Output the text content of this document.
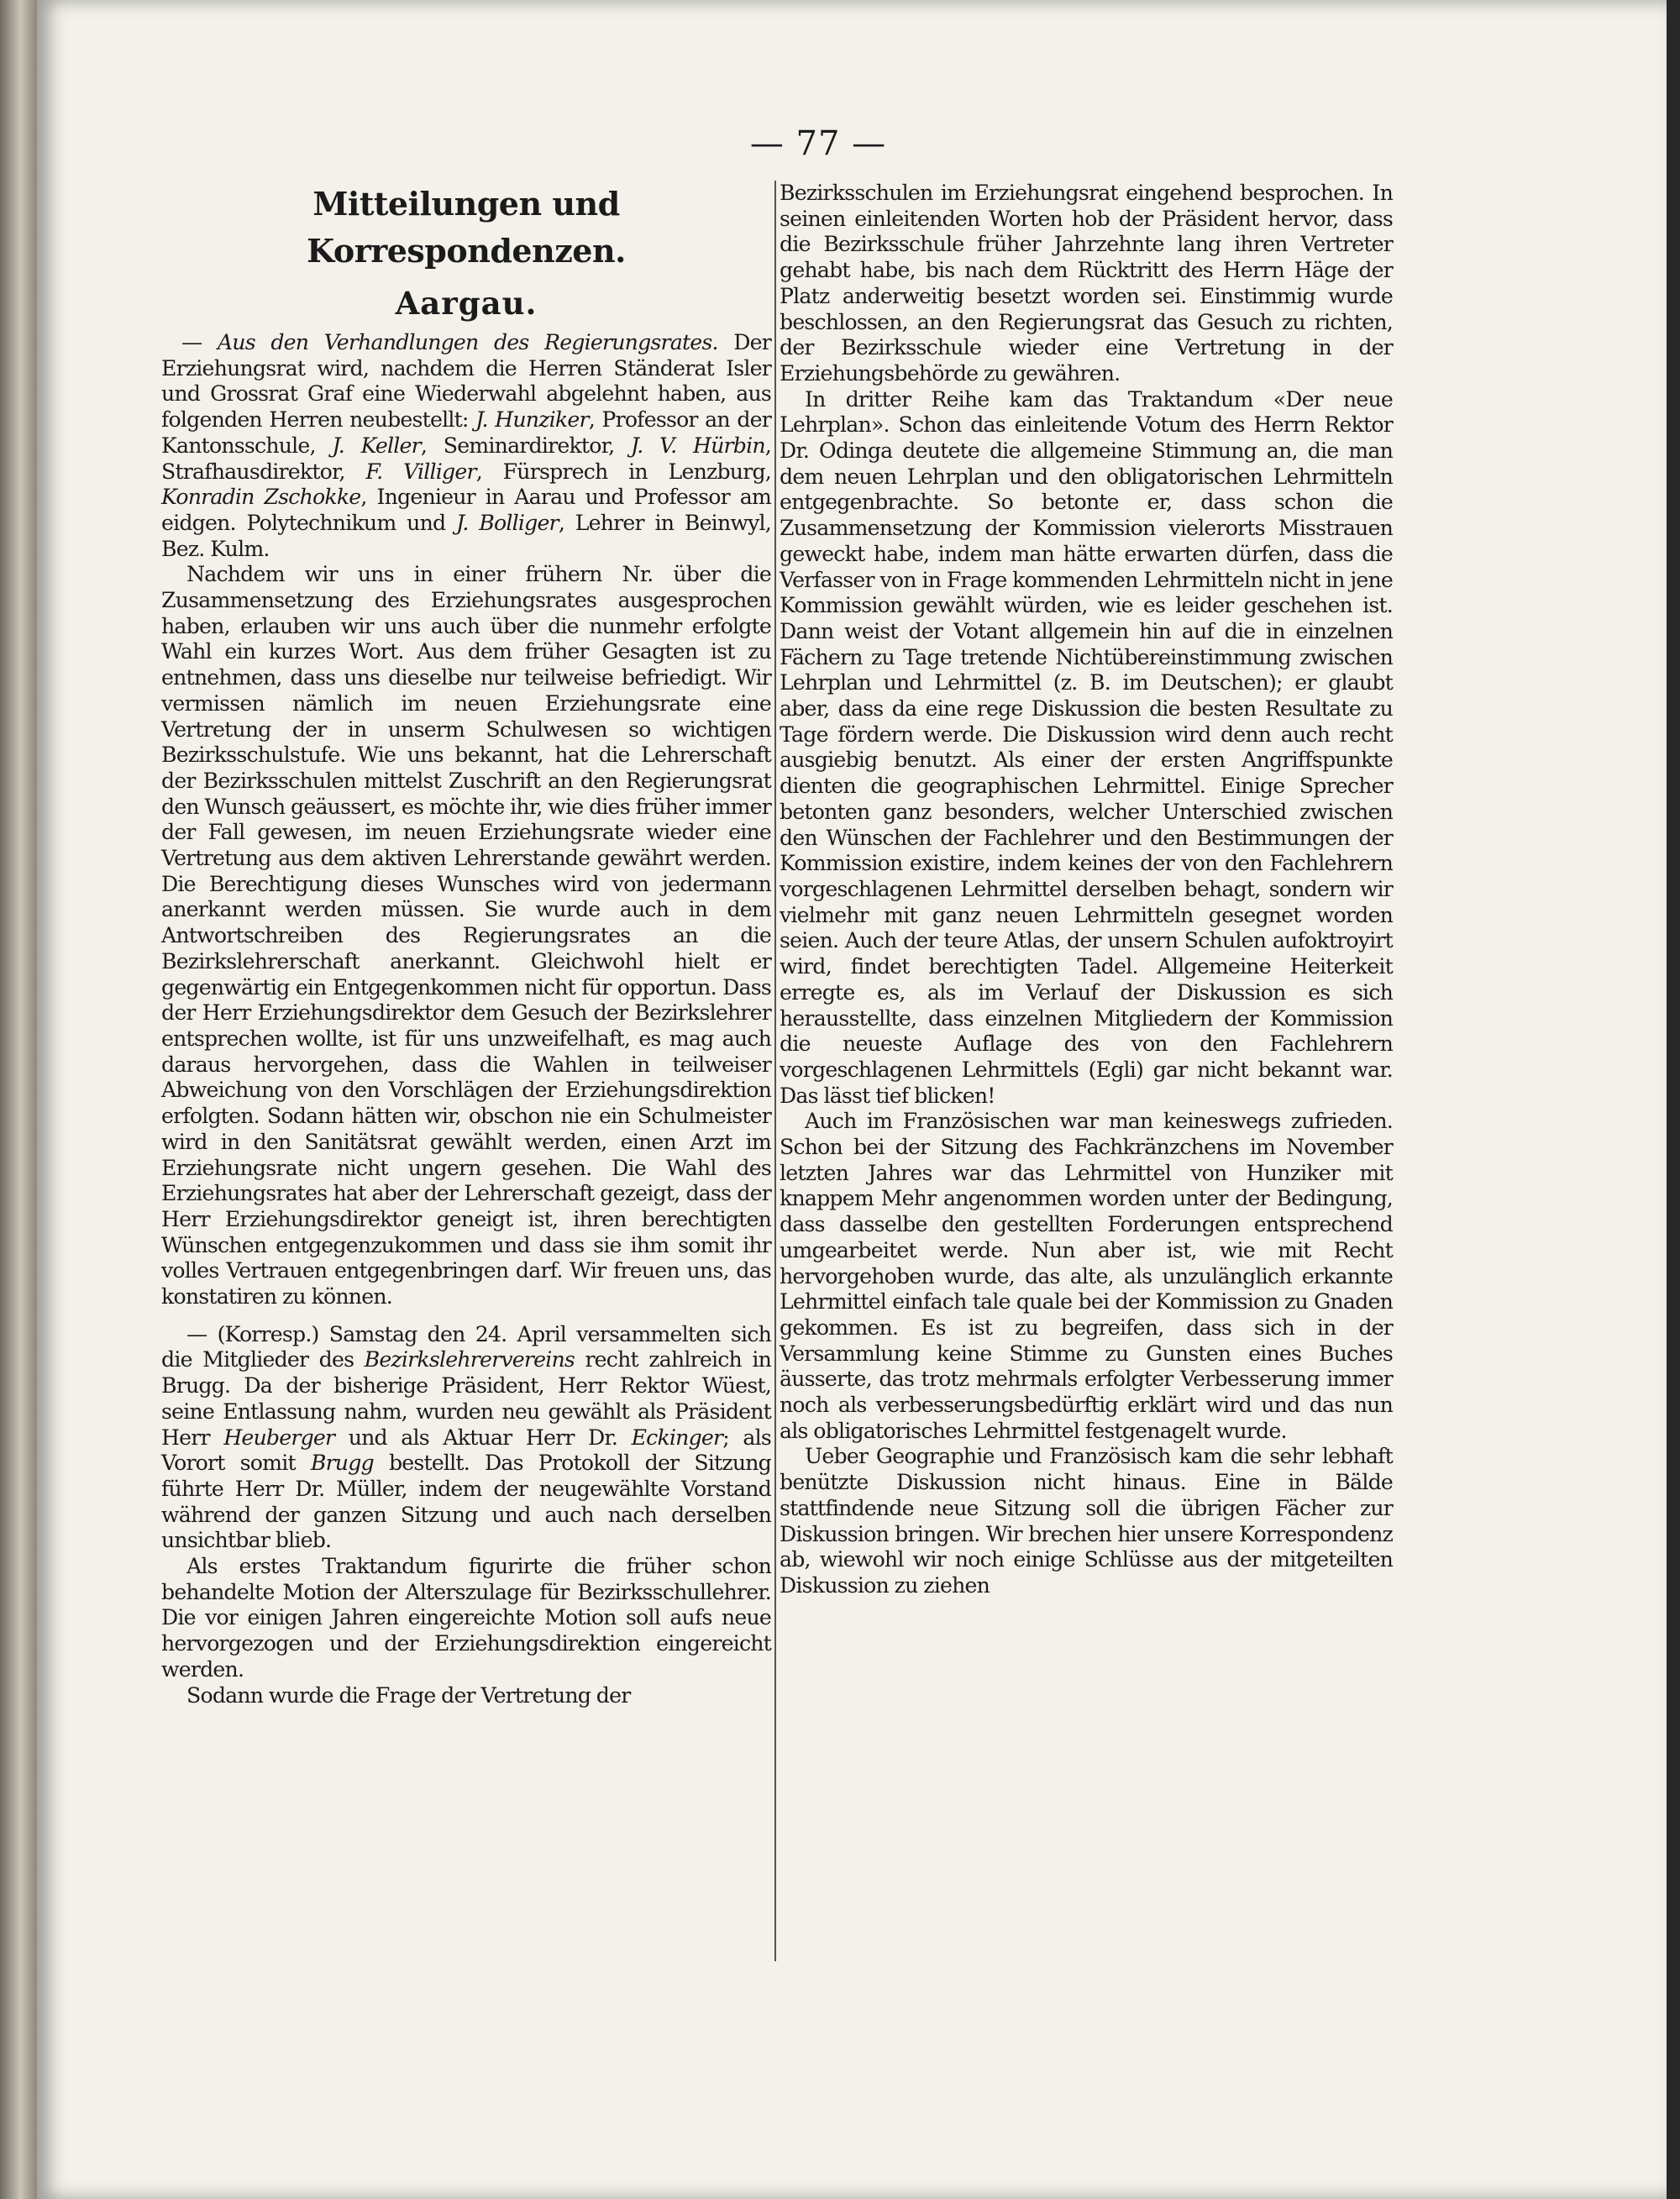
— 77 —
Mitteilungen und Korrespondenzen.
Aargau.

— Aus den Verhandlungen des Regierungsrates. Der Erziehungsrat wird, nachdem die Herren Ständerat Isler und Grossrat Graf eine Wiederwahl abgelehnt haben, aus folgenden Herren neubestellt: J. Hunziker, Professor an der Kantonsschule, J. Keller, Seminardirektor, J. V. Hürbin, Strafhausdirektor, F. Villiger, Fürsprech in Lenzburg, Konradin Zschokke, Ingenieur in Aarau und Professor am eidgen. Polytechnikum und J. Bolliger, Lehrer in Beinwyl, Bez. Kulm.

Nachdem wir uns in einer frühern Nr. über die Zusammensetzung des Erziehungsrates ausgesprochen haben, erlauben wir uns auch über die nunmehr erfolgte Wahl ein kurzes Wort. Aus dem früher Gesagten ist zu entnehmen, dass uns dieselbe nur teilweise befriedigt. Wir vermissen nämlich im neuen Erziehungsrate eine Vertretung der in unserm Schulwesen so wichtigen Bezirksschulstufe. Wie uns bekannt, hat die Lehrerschaft der Bezirksschulen mittelst Zuschrift an den Regierungsrat den Wunsch geäussert, es möchte ihr, wie dies früher immer der Fall gewesen, im neuen Erziehungsrate wieder eine Vertretung aus dem aktiven Lehrerstande gewährt werden. Die Berechtigung dieses Wunsches wird von jedermann anerkannt werden müssen. Sie wurde auch in dem Antwortschreiben des Regierungsrates an die Bezirkslehrerschaft anerkannt. Gleichwohl hielt er gegenwärtig ein Entgegenkommen nicht für opportun. Dass der Herr Erziehungsdirektor dem Gesuch der Bezirkslehrer entsprechen wollte, ist für uns unzweifelhaft, es mag auch daraus hervorgehen, dass die Wahlen in teilweiser Abweichung von den Vorschlägen der Erziehungsdirektion erfolgten. Sodann hätten wir, obschon nie ein Schulmeister wird in den Sanitätsrat gewählt werden, einen Arzt im Erziehungsrate nicht ungern gesehen. Die Wahl des Erziehungsrates hat aber der Lehrerschaft gezeigt, dass der Herr Erziehungsdirektor geneigt ist, ihren berechtigten Wünschen entgegenzukommen und dass sie ihm somit ihr volles Vertrauen entgegenbringen darf. Wir freuen uns, das konstatiren zu können.

— (Korresp.) Samstag den 24. April versammelten sich die Mitglieder des Bezirkslehrervereins recht zahlreich in Brugg. Da der bisherige Präsident, Herr Rektor Wüest, seine Entlassung nahm, wurden neu gewählt als Präsident Herr Heuberger und als Aktuar Herr Dr. Eckinger; als Vorort somit Brugg bestellt. Das Protokoll der Sitzung führte Herr Dr. Müller, indem der neugewählte Vorstand während der ganzen Sitzung und auch nach derselben unsichtbar blieb.

Als erstes Traktandum figurirte die früher schon behandelte Motion der Alterszulage für Bezirksschullehrer. Die vor einigen Jahren eingereichte Motion soll aufs neue hervorgezogen und der Erziehungsdirektion eingereicht werden.

Sodann wurde die Frage der Vertretung der

Bezirksschulen im Erziehungsrat eingehend besprochen. In seinen einleitenden Worten hob der Präsident hervor, dass die Bezirksschule früher Jahrzehnte lang ihren Vertreter gehabt habe, bis nach dem Rücktritt des Herrn Häge der Platz anderweitig besetzt worden sei. Einstimmig wurde beschlossen, an den Regierungsrat das Gesuch zu richten, der Bezirksschule wieder eine Vertretung in der Erziehungsbehörde zu gewähren.

In dritter Reihe kam das Traktandum «Der neue Lehrplan». Schon das einleitende Votum des Herrn Rektor Dr. Odinga deutete die allgemeine Stimmung an, die man dem neuen Lehrplan und den obligatorischen Lehrmitteln entgegenbrachte. So betonte er, dass schon die Zusammensetzung der Kommission vielerorts Misstrauen geweckt habe, indem man hätte erwarten dürfen, dass die Verfasser von in Frage kommenden Lehrmitteln nicht in jene Kommission gewählt würden, wie es leider geschehen ist. Dann weist der Votant allgemein hin auf die in einzelnen Fächern zu Tage tretende Nichtübereinstimmung zwischen Lehrplan und Lehrmittel (z. B. im Deutschen); er glaubt aber, dass da eine rege Diskussion die besten Resultate zu Tage fördern werde. Die Diskussion wird denn auch recht ausgiebig benutzt. Als einer der ersten Angriffspunkte dienten die geographischen Lehrmittel. Einige Sprecher betonten ganz besonders, welcher Unterschied zwischen den Wünschen der Fachlehrer und den Bestimmungen der Kommission existire, indem keines der von den Fachlehrern vorgeschlagenen Lehrmittel derselben behagt, sondern wir vielmehr mit ganz neuen Lehrmitteln gesegnet worden seien. Auch der teure Atlas, der unsern Schulen aufoktroyirt wird, findet berechtigten Tadel. Allgemeine Heiterkeit erregte es, als im Verlauf der Diskussion es sich herausstellte, dass einzelnen Mitgliedern der Kommission die neueste Auflage des von den Fachlehrern vorgeschlagenen Lehrmittels (Egli) gar nicht bekannt war. Das lässt tief blicken!

Auch im Französischen war man keineswegs zufrieden. Schon bei der Sitzung des Fachkränzchens im November letzten Jahres war das Lehrmittel von Hunziker mit knappem Mehr angenommen worden unter der Bedingung, dass dasselbe den gestellten Forderungen entsprechend umgearbeitet werde. Nun aber ist, wie mit Recht hervorgehoben wurde, das alte, als unzulänglich erkannte Lehrmittel einfach tale quale bei der Kommission zu Gnaden gekommen. Es ist zu begreifen, dass sich in der Versammlung keine Stimme zu Gunsten eines Buches äusserte, das trotz mehrmals erfolgter Verbesserung immer noch als verbesserungsbedürftig erklärt wird und das nun als obligatorisches Lehrmittel festgenagelt wurde.

Ueber Geographie und Französisch kam die sehr lebhaft benützte Diskussion nicht hinaus. Eine in Bälde stattfindende neue Sitzung soll die übrigen Fächer zur Diskussion bringen. Wir brechen hier unsere Korrespondenz ab, wiewohl wir noch einige Schlüsse aus der mitgeteilten Diskussion zu ziehen
